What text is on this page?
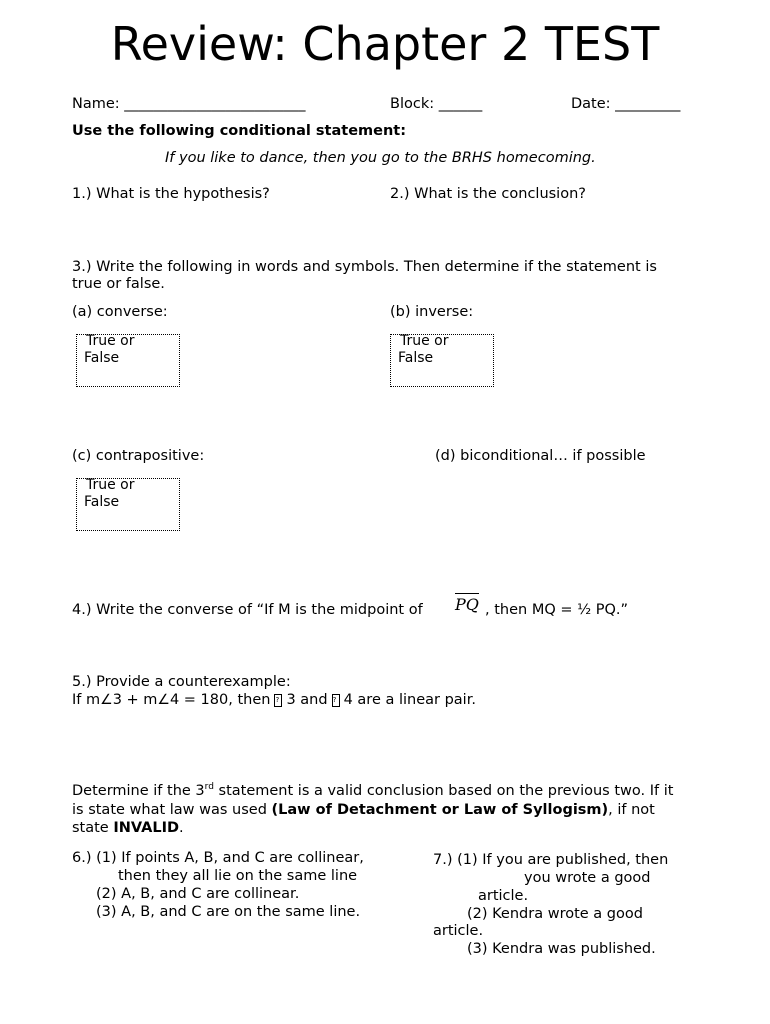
Review: Chapter 2 TEST
Name: _________________________	Block: ______	Date: _________
Use the following conditional statement:
If you like to dance, then you go to the BRHS homecoming.
1.) What is the hypothesis?	2.) What is the conclusion?
3.) Write the following in words and symbols. Then determine if the statement is
true or false.
(a) converse:	(b) inverse:
True or
False
True or
False
(c) contrapositive:	(d) biconditional… if possible
True or
False
4.) Write the converse of “If M is the midpoint of PQ , then MQ = ½ PQ.”
5.) Provide a counterexample:
If m∠3 + m∠4 = 180, then ? 3 and ? 4 are a linear pair.
Determine if the 3rd statement is a valid conclusion based on the previous two. If it
is state what law was used (Law of Detachment or Law of Syllogism), if not
state INVALID.
6.) (1) If points A, B, and C are collinear,
then they all lie on the same line
(2) A, B, and C are collinear.
(3) A, B, and C are on the same line.
7.) (1) If you are published, then
you wrote a good
article.
(2) Kendra wrote a good
article.
(3) Kendra was published.
